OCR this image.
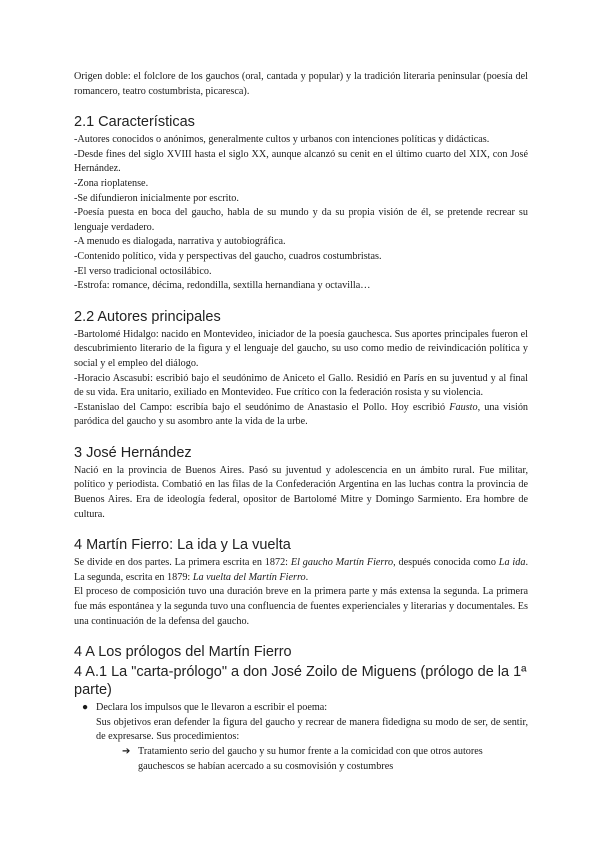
Origen doble: el folclore de los gauchos (oral, cantada y popular) y la tradición literaria peninsular (poesía del romancero, teatro costumbrista, picaresca).

2.1 Características

-Autores conocidos o anónimos, generalmente cultos y urbanos con intenciones políticas y didácticas.

-Desde fines del siglo XVIII hasta el siglo XX, aunque alcanzó su cenit en el último cuarto del XIX, con José Hernández.

-Zona rioplatense.

-Se difundieron inicialmente por escrito.

-Poesía puesta en boca del gaucho, habla de su mundo y da su propia visión de él, se pretende recrear su lenguaje verdadero.

-A menudo es dialogada, narrativa y autobiográfica.

-Contenido político, vida y perspectivas del gaucho, cuadros costumbristas.

-El verso tradicional octosilábico.

-Estrofa: romance, décima, redondilla, sextilla hernandiana y octavilla…

2.2 Autores principales

-Bartolomé Hidalgo: nacido en Montevideo, iniciador de la poesía gauchesca. Sus aportes principales fueron el descubrimiento literario de la figura y el lenguaje del gaucho, su uso como medio de reivindicación política y social y el empleo del diálogo.

-Horacio Ascasubi: escribió bajo el seudónimo de Aniceto el Gallo. Residió en París en su juventud y al final de su vida. Era unitario, exiliado en Montevideo. Fue crítico con la federación rosista y su violencia.

-Estanislao del Campo: escribía bajo el seudónimo de Anastasio el Pollo. Hoy escribió Fausto, una visión paródica del gaucho y su asombro ante la vida de la urbe.

3 José Hernández

Nació en la provincia de Buenos Aires. Pasó su juventud y adolescencia en un ámbito rural. Fue militar, político y periodista. Combatió en las filas de la Confederación Argentina en las luchas contra la provincia de Buenos Aires. Era de ideología federal, opositor de Bartolomé Mitre y Domingo Sarmiento. Era hombre de cultura.

4 Martín Fierro: La ida y La vuelta

Se divide en dos partes. La primera escrita en 1872: El gaucho Martín Fierro, después conocida como La ida. La segunda, escrita en 1879: La vuelta del Martín Fierro.

El proceso de composición tuvo una duración breve en la primera parte y más extensa la segunda. La primera fue más espontánea y la segunda tuvo una confluencia de fuentes experienciales y literarias y documentales. Es una continuación de la defensa del gaucho.

4 A Los prólogos del Martín Fierro
4 A.1 La "carta-prólogo" a don José Zoilo de Miguens (prólogo de la 1ª parte)
● Declara los impulsos que le llevaron a escribir el poema:
Sus objetivos eran defender la figura del gaucho y recrear de manera fidedigna su modo de ser, de sentir, de expresarse. Sus procedimientos:
➔ Tratamiento serio del gaucho y su humor frente a la comicidad con que otros autores gauchescos se habían acercado a su cosmovisión y costumbres
